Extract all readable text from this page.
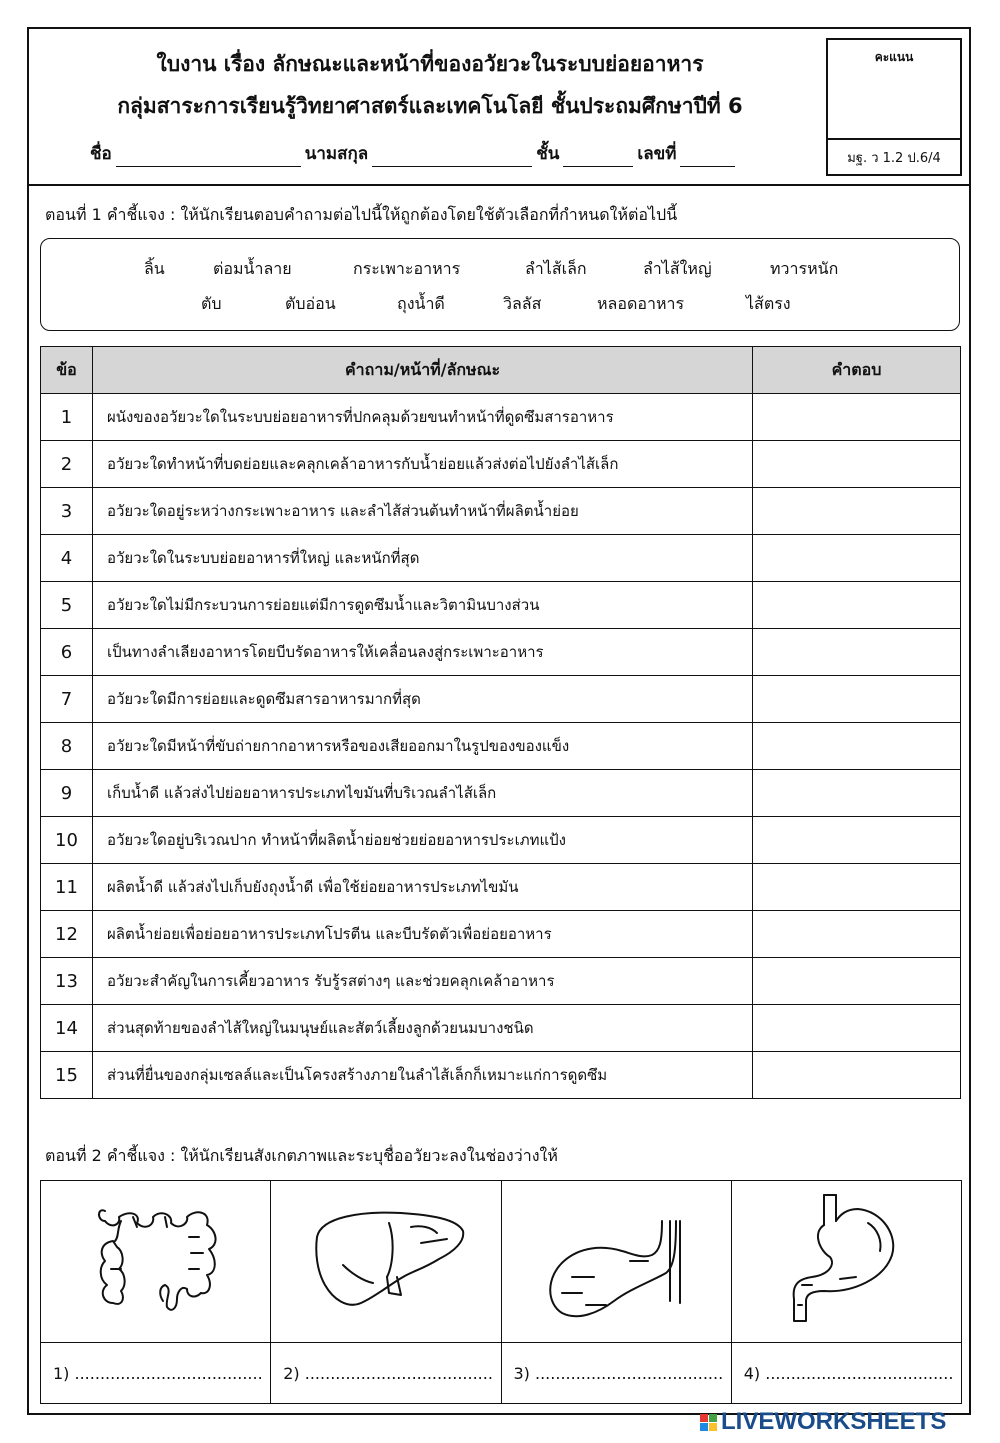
ใบงาน เรื่อง ลักษณะและหน้าที่ของอวัยวะในระบบย่อยอาหาร
กลุ่มสาระการเรียนรู้วิทยาศาสตร์และเทคโนโลยี ชั้นประถมศึกษาปีที่ 6
ชื่อ	นามสกุล	ชั้น	เลขที่
คะแนน
มฐ. ว 1.2 ป.6/4
ตอนที่ 1 คำชี้แจง : ให้นักเรียนตอบคำถามต่อไปนี้ให้ถูกต้องโดยใช้ตัวเลือกที่กำหนดให้ต่อไปนี้
ลิ้น	ต่อมน้ำลาย	กระเพาะอาหาร	ลำไส้เล็ก	ลำไส้ใหญ่	ทวารหนัก
ตับ	ตับอ่อน	ถุงน้ำดี	วิลลัส	หลอดอาหาร	ไส้ตรง
ข้อ	คำถาม/หน้าที่/ลักษณะ	คำตอบ
1	ผนังของอวัยวะใดในระบบย่อยอาหารที่ปกคลุมด้วยขนทำหน้าที่ดูดซึมสารอาหาร	
2	อวัยวะใดทำหน้าที่บดย่อยและคลุกเคล้าอาหารกับน้ำย่อยแล้วส่งต่อไปยังลำไส้เล็ก	
3	อวัยวะใดอยู่ระหว่างกระเพาะอาหาร และลำไส้ส่วนต้นทำหน้าที่ผลิตน้ำย่อย	
4	อวัยวะใดในระบบย่อยอาหารที่ใหญ่ และหนักที่สุด	
5	อวัยวะใดไม่มีกระบวนการย่อยแต่มีการดูดซึมน้ำและวิตามินบางส่วน	
6	เป็นทางลำเลียงอาหารโดยบีบรัดอาหารให้เคลื่อนลงสู่กระเพาะอาหาร	
7	อวัยวะใดมีการย่อยและดูดซึมสารอาหารมากที่สุด	
8	อวัยวะใดมีหน้าที่ขับถ่ายกากอาหารหรือของเสียออกมาในรูปของของแข็ง	
9	เก็บน้ำดี แล้วส่งไปย่อยอาหารประเภทไขมันที่บริเวณลำไส้เล็ก	
10	อวัยวะใดอยู่บริเวณปาก ทำหน้าที่ผลิตน้ำย่อยช่วยย่อยอาหารประเภทแป้ง	
11	ผลิตน้ำดี แล้วส่งไปเก็บยังถุงน้ำดี เพื่อใช้ย่อยอาหารประเภทไขมัน	
12	ผลิตน้ำย่อยเพื่อย่อยอาหารประเภทโปรตีน และบีบรัดตัวเพื่อย่อยอาหาร	
13	อวัยวะสำคัญในการเคี้ยวอาหาร รับรู้รสต่างๆ และช่วยคลุกเคล้าอาหาร	
14	ส่วนสุดท้ายของลำไส้ใหญ่ในมนุษย์และสัตว์เลี้ยงลูกด้วยนมบางชนิด	
15	ส่วนที่ยื่นของกลุ่มเซลล์และเป็นโครงสร้างภายในลำไส้เล็กก็เหมาะแก่การดูดซึม	
ตอนที่ 2 คำชี้แจง : ให้นักเรียนสังเกตภาพและระบุชื่ออวัยวะลงในช่องว่างให้
1) .....................................	2) .....................................	3) .....................................	4) .....................................
LIVEWORKSHEETS
